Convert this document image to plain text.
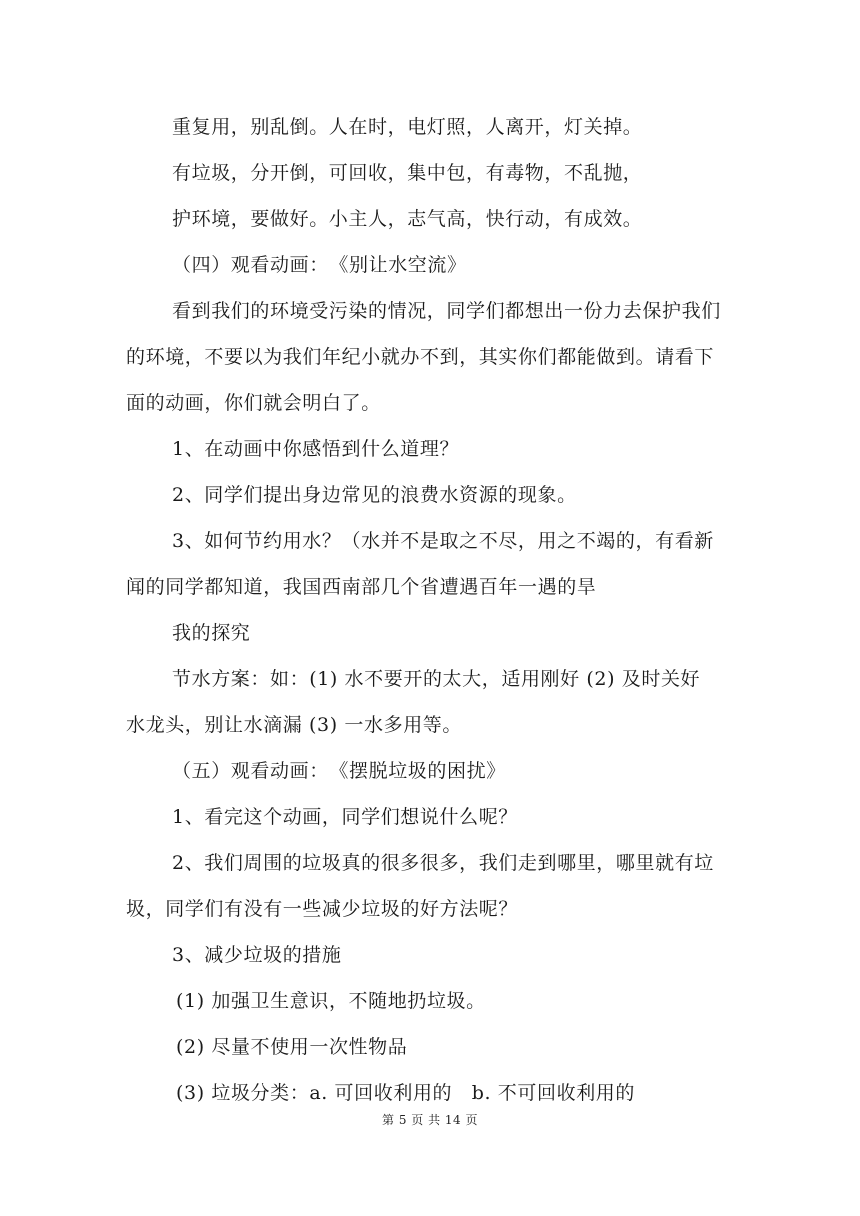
重复用，别乱倒。人在时，电灯照，人离开，灯关掉。
有垃圾，分开倒，可回收，集中包，有毒物，不乱抛，
护环境，要做好。小主人，志气高，快行动，有成效。
（四）观看动画：　《别让水空流》
看到我们的环境受污染的情况，同学们都想出一份力去保护我们
的环境，不要以为我们年纪小就办不到，其实你们都能做到。请看下
面的动画，你们就会明白了。
1、在动画中你感悟到什么道理？
2、同学们提出身边常见的浪费水资源的现象。
3、如何节约用水？（水并不是取之不尽，用之不竭的，有看新
闻的同学都知道，我国西南部几个省遭遇百年一遇的旱
我的探究
节水方案：如：(1) 水不要开的太大，适用刚好 (2) 及时关好
水龙头，别让水滴漏 (3) 一水多用等。
（五）观看动画：　《摆脱垃圾的困扰》
1、看完这个动画，同学们想说什么呢？
2、我们周围的垃圾真的很多很多，我们走到哪里，哪里就有垃
圾，同学们有没有一些减少垃圾的好方法呢？
3、减少垃圾的措施
(1) 加强卫生意识，不随地扔垃圾。
(2) 尽量不使用一次性物品
(3) 垃圾分类：a. 可回收利用的　b. 不可回收利用的
第 5 页 共 14 页
